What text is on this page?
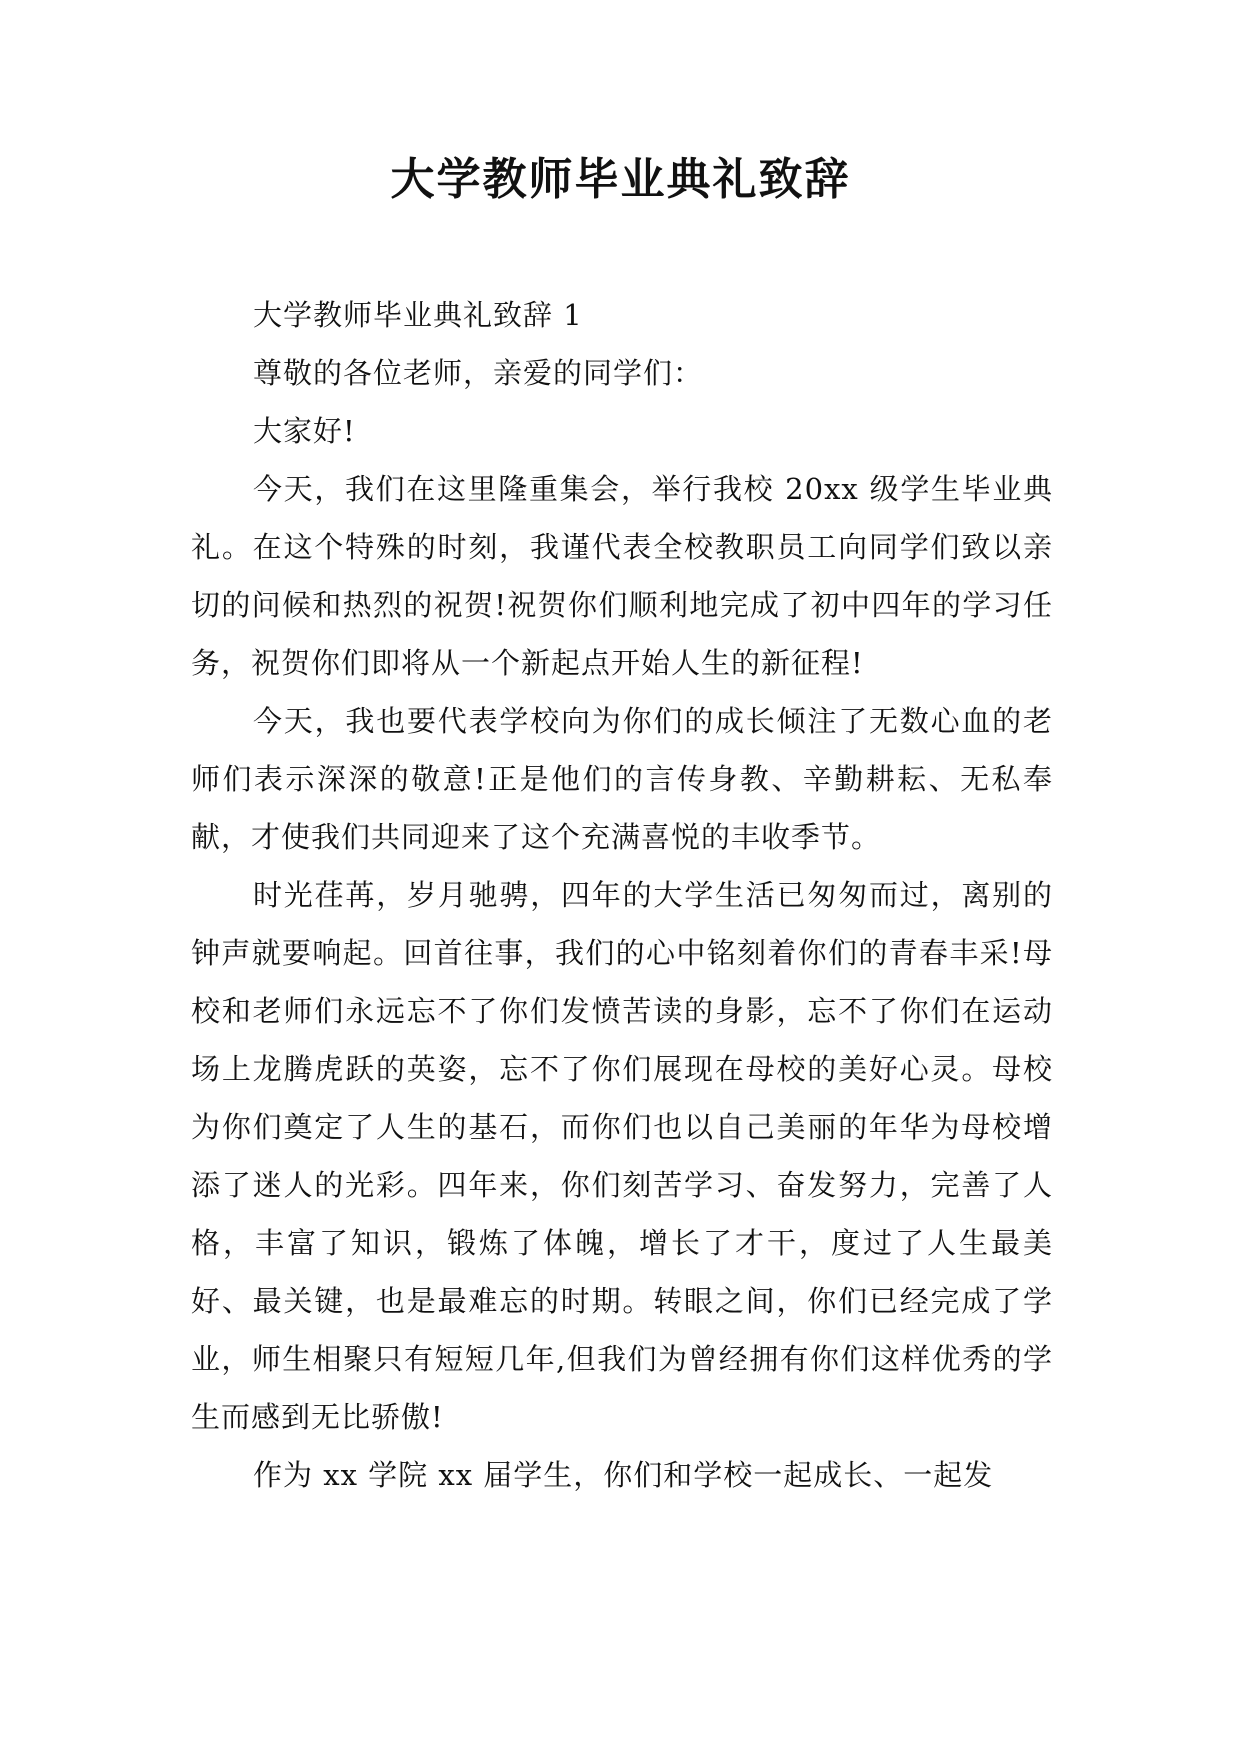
大学教师毕业典礼致辞

大学教师毕业典礼致辞 1

尊敬的各位老师，亲爱的同学们：

大家好!

今天，我们在这里隆重集会，举行我校 20xx 级学生毕业典礼。在这个特殊的时刻，我谨代表全校教职员工向同学们致以亲切的问候和热烈的祝贺!祝贺你们顺利地完成了初中四年的学习任务，祝贺你们即将从一个新起点开始人生的新征程!

今天，我也要代表学校向为你们的成长倾注了无数心血的老师们表示深深的敬意!正是他们的言传身教、辛勤耕耘、无私奉献，才使我们共同迎来了这个充满喜悦的丰收季节。

时光荏苒，岁月驰骋，四年的大学生活已匆匆而过，离别的钟声就要响起。回首往事，我们的心中铭刻着你们的青春丰采!母校和老师们永远忘不了你们发愤苦读的身影，忘不了你们在运动场上龙腾虎跃的英姿，忘不了你们展现在母校的美好心灵。母校为你们奠定了人生的基石，而你们也以自己美丽的年华为母校增添了迷人的光彩。四年来，你们刻苦学习、奋发努力，完善了人格，丰富了知识，锻炼了体魄，增长了才干，度过了人生最美好、最关键，也是最难忘的时期。转眼之间，你们已经完成了学业，师生相聚只有短短几年,但我们为曾经拥有你们这样优秀的学生而感到无比骄傲!

作为 xx 学院 xx 届学生，你们和学校一起成长、一起发
